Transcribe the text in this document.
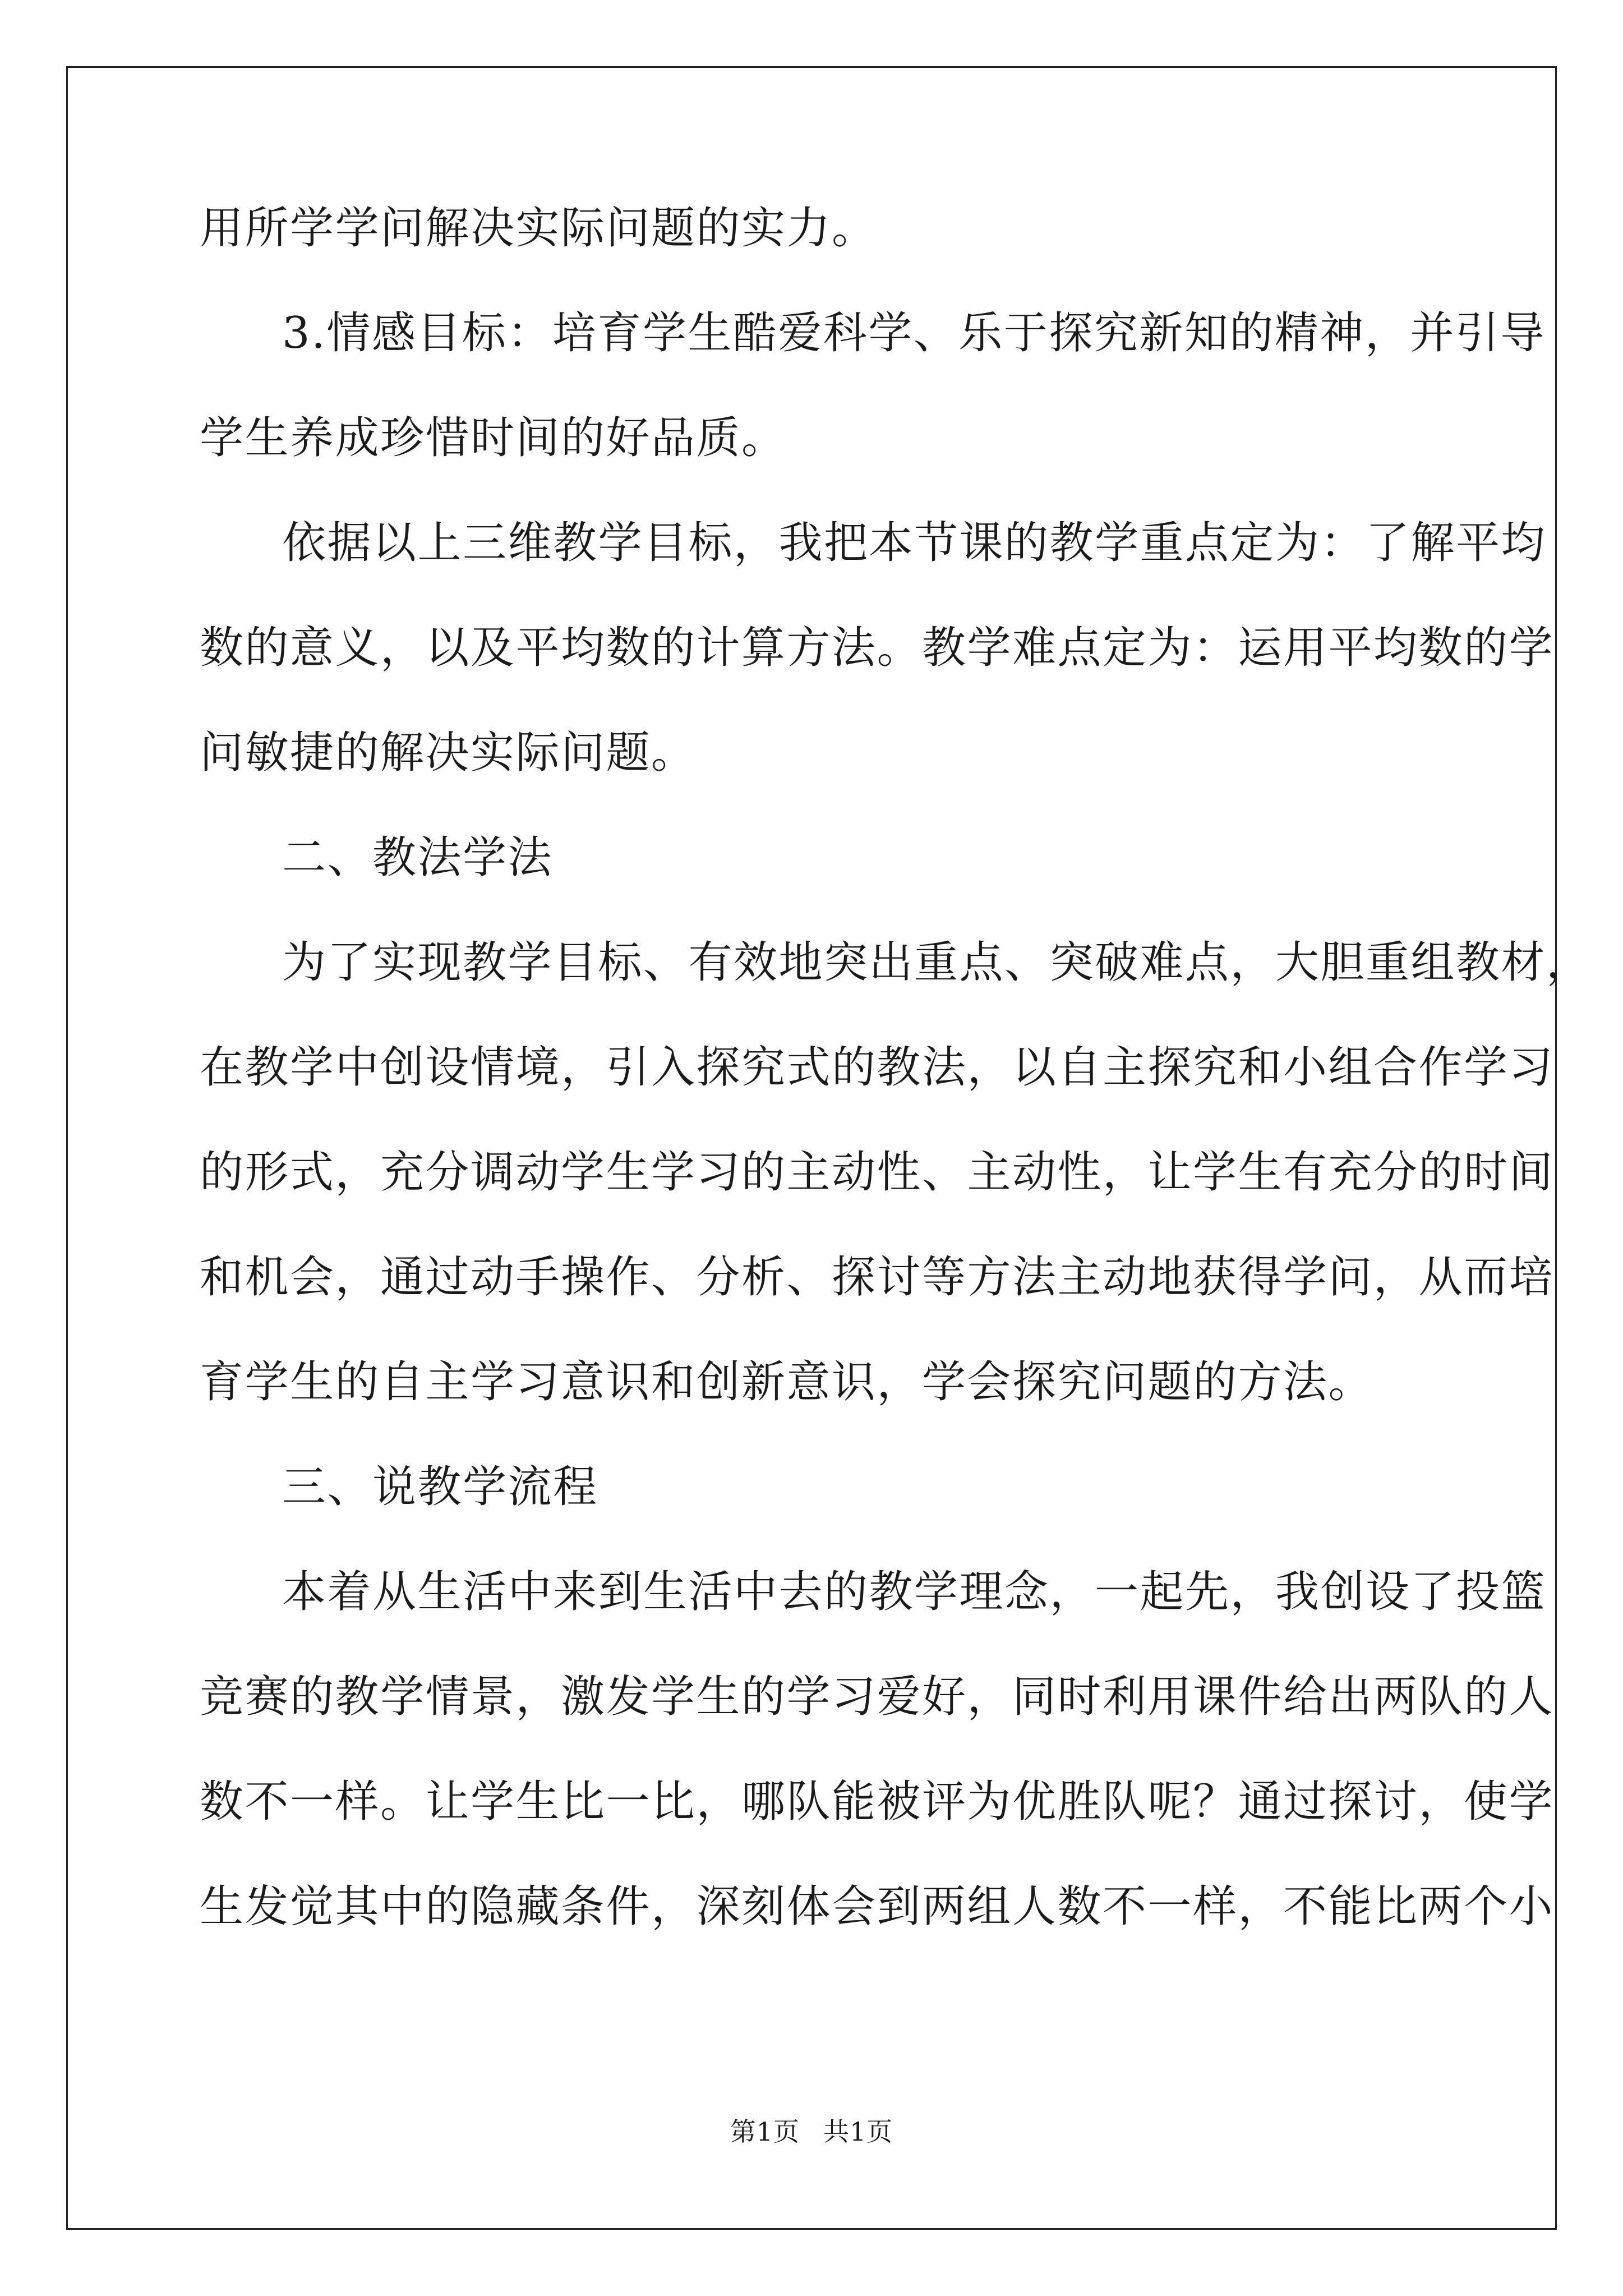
用所学学问解决实际问题的实力。
3.情感目标：培育学生酷爱科学、乐于探究新知的精神，并引导
学生养成珍惜时间的好品质。
依据以上三维教学目标，我把本节课的教学重点定为：了解平均
数的意义，以及平均数的计算方法。教学难点定为：运用平均数的学
问敏捷的解决实际问题。
二、教法学法
为了实现教学目标、有效地突出重点、突破难点，大胆重组教材，
在教学中创设情境，引入探究式的教法，以自主探究和小组合作学习
的形式，充分调动学生学习的主动性、主动性，让学生有充分的时间
和机会，通过动手操作、分析、探讨等方法主动地获得学问，从而培
育学生的自主学习意识和创新意识，学会探究问题的方法。
三、说教学流程
本着从生活中来到生活中去的教学理念，一起先，我创设了投篮
竞赛的教学情景，激发学生的学习爱好，同时利用课件给出两队的人
数不一样。让学生比一比，哪队能被评为优胜队呢？通过探讨，使学
生发觉其中的隐藏条件，深刻体会到两组人数不一样，不能比两个小
第1页 共1页
